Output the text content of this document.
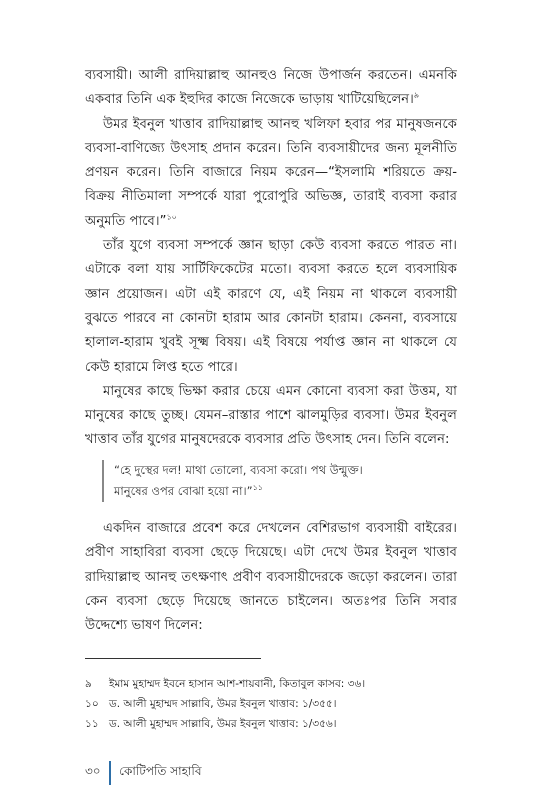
ব্যবসায়ী। আলী রাদিয়াল্লাহু আনহুও নিজে উপার্জন করতেন। এমনকি একবার তিনি এক ইহুদির কাজে নিজেকে ভাড়ায় খাটিয়েছিলেন।$^৯$

উমর ইবনুল খাত্তাব রাদিয়াল্লাহু আনহু খলিফা হবার পর মানুষজনকে ব্যবসা-বাণিজ্যে উৎসাহ প্রদান করেন। তিনি ব্যবসায়ীদের জন্য মূলনীতি প্রণয়ন করেন। তিনি বাজারে নিয়ম করেন—“ইসলামি শরিয়তে ক্রয়-বিক্রয় নীতিমালা সম্পর্কে যারা পুরোপুরি অভিজ্ঞ, তারাই ব্যবসা করার অনুমতি পাবে।”$^{১০}$

তাঁর যুগে ব্যবসা সম্পর্কে জ্ঞান ছাড়া কেউ ব্যবসা করতে পারত না। এটাকে বলা যায় সার্টিফিকেটের মতো। ব্যবসা করতে হলে ব্যবসায়িক জ্ঞান প্রয়োজন। এটা এই কারণে যে, এই নিয়ম না থাকলে ব্যবসায়ী বুঝতে পারবে না কোনটা হারাম আর কোনটা হারাম। কেননা, ব্যবসায়ে হালাল-হারাম খুবই সূক্ষ্ম বিষয়। এই বিষয়ে পর্যাপ্ত জ্ঞান না থাকলে যে কেউ হারামে লিপ্ত হতে পারে।

মানুষের কাছে ভিক্ষা করার চেয়ে এমন কোনো ব্যবসা করা উত্তম, যা মানুষের কাছে তুচ্ছ। যেমন–রাস্তার পাশে ঝালমুড়ির ব্যবসা। উমর ইবনুল খাত্তাব তাঁর যুগের মানুষদেরকে ব্যবসার প্রতি উৎসাহ দেন। তিনি বলেন:

“হে দুস্থের দল! মাথা তোলো, ব্যবসা করো। পথ উন্মুক্ত।
মানুষের ওপর বোঝা হয়ো না।”$^{১১}$

একদিন বাজারে প্রবেশ করে দেখলেন বেশিরভাগ ব্যবসায়ী বাইরের। প্রবীণ সাহাবিরা ব্যবসা ছেড়ে দিয়েছে। এটা দেখে উমর ইবনুল খাত্তাব রাদিয়াল্লাহু আনহু তৎক্ষণাৎ প্রবীণ ব্যবসায়ীদেরকে জড়ো করলেন। তারা কেন ব্যবসা ছেড়ে দিয়েছে জানতে চাইলেন। অতঃপর তিনি সবার উদ্দেশ্যে ভাষণ দিলেন:

৯	ইমাম মুহাম্মদ ইবনে হাসান আশ-শায়বানী, কিতাবুল কাসব: ৩৬।
১০ ড. আলী মুহাম্মদ সাল্লাবি, উমর ইবনুল খাত্তাব: ১/৩৫৫।
১১ ড. আলী মুহাম্মদ সাল্লাবি, উমর ইবনুল খাত্তাব: ১/৩৫৬।
৩০ কোটিপতি সাহাবি
